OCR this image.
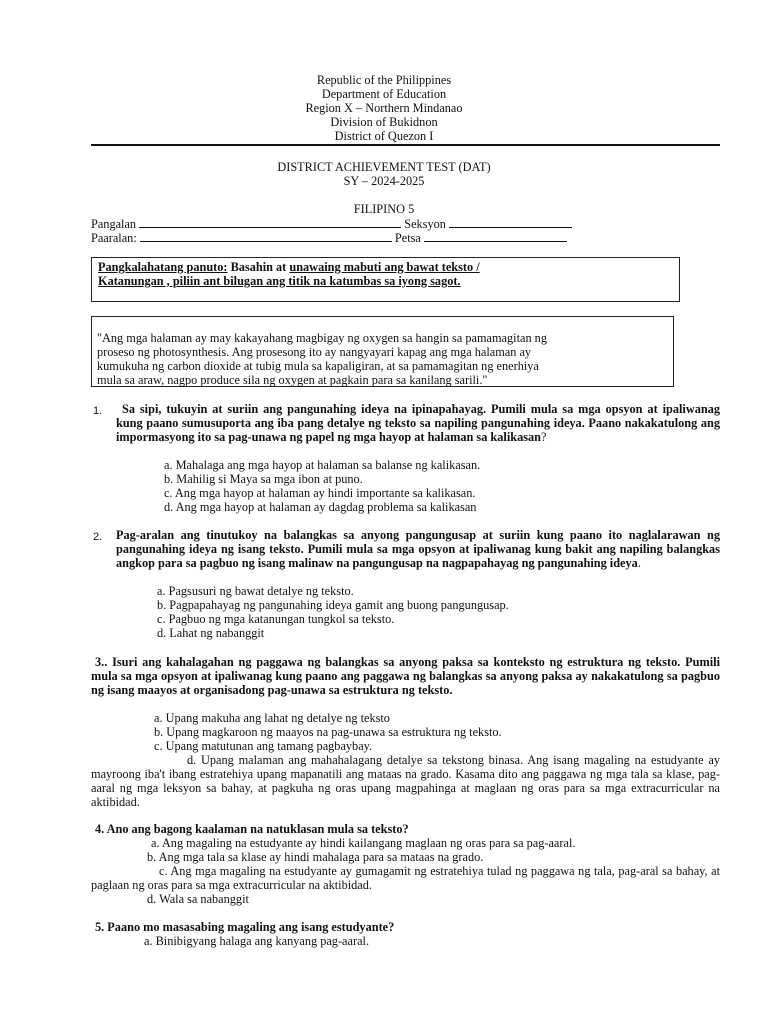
Republic of the Philippines
Department of Education
Region X – Northern Mindanao
Division of Bukidnon
District of Quezon I
DISTRICT ACHIEVEMENT TEST (DAT)
SY – 2024-2025
FILIPINO 5
Pangalan	Seksyon
Paaralan:	Petsa
Pangkalahatang panuto: Basahin at unawaing mabuti ang bawat teksto /
Katanungan , piliin ant bilugan ang titik na katumbas sa iyong sagot.
"Ang mga halaman ay may kakayahang magbigay ng oxygen sa hangin sa pamamagitan ng
proseso ng photosynthesis. Ang prosesong ito ay nangyayari kapag ang mga halaman ay
kumukuha ng carbon dioxide at tubig mula sa kapaligiran, at sa pamamagitan ng enerhiya
mula sa araw, nagpo produce sila ng oxygen at pagkain para sa kanilang sarili."
1.	Sa sipi, tukuyin at suriin ang pangunahing ideya na ipinapahayag. Pumili mula sa mga opsyon at ipaliwanag kung paano sumusuporta ang iba pang detalye ng teksto sa napiling pangunahing ideya. Paano nakakatulong ang impormasyong ito sa pag-unawa ng papel ng mga hayop at halaman sa kalikasan?
a. Mahalaga ang mga hayop at halaman sa balanse ng kalikasan.
b. Mahilig si Maya sa mga ibon at puno.
c. Ang mga hayop at halaman ay hindi importante sa kalikasan.
d. Ang mga hayop at halaman ay dagdag problema sa kalikasan
2. Pag-aralan ang tinutukoy na balangkas sa anyong pangungusap at suriin kung paano ito naglalarawan ng pangunahing ideya ng isang teksto. Pumili mula sa mga opsyon at ipaliwanag kung bakit ang napiling balangkas angkop para sa pagbuo ng isang malinaw na pangungusap na nagpapahayag ng pangunahing ideya.
a. Pagsusuri ng bawat detalye ng teksto.
b. Pagpapahayag ng pangunahing ideya gamit ang buong pangungusap.
c. Pagbuo ng mga katanungan tungkol sa teksto.
d. Lahat ng nabanggit
3.. Isuri ang kahalagahan ng paggawa ng balangkas sa anyong paksa sa konteksto ng estruktura ng teksto. Pumili mula sa mga opsyon at ipaliwanag kung paano ang paggawa ng balangkas sa anyong paksa ay nakakatulong sa pagbuo ng isang maayos at organisadong pag-unawa sa estruktura ng teksto.
a. Upang makuha ang lahat ng detalye ng teksto
b. Upang magkaroon ng maayos na pag-unawa sa estruktura ng teksto.
c. Upang matutunan ang tamang pagbaybay.
d. Upang malaman ang mahahalagang detalye sa tekstong binasa. Ang isang magaling na estudyante ay mayroong iba't ibang estratehiya upang mapanatili ang mataas na grado. Kasama dito ang paggawa ng mga tala sa klase, pag-aaral ng mga leksyon sa bahay, at pagkuha ng oras upang magpahinga at maglaan ng oras para sa mga extracurricular na aktibidad.
4. Ano ang bagong kaalaman na natuklasan mula sa teksto?
a. Ang magaling na estudyante ay hindi kailangang maglaan ng oras para sa pag-aaral.
b. Ang mga tala sa klase ay hindi mahalaga para sa mataas na grado.
c. Ang mga magaling na estudyante ay gumagamit ng estratehiya tulad ng paggawa ng tala, pag-aral sa bahay, at paglaan ng oras para sa mga extracurricular na aktibidad.
d. Wala sa nabanggit
5. Paano mo masasabing magaling ang isang estudyante?
a. Binibigyang halaga ang kanyang pag-aaral.
